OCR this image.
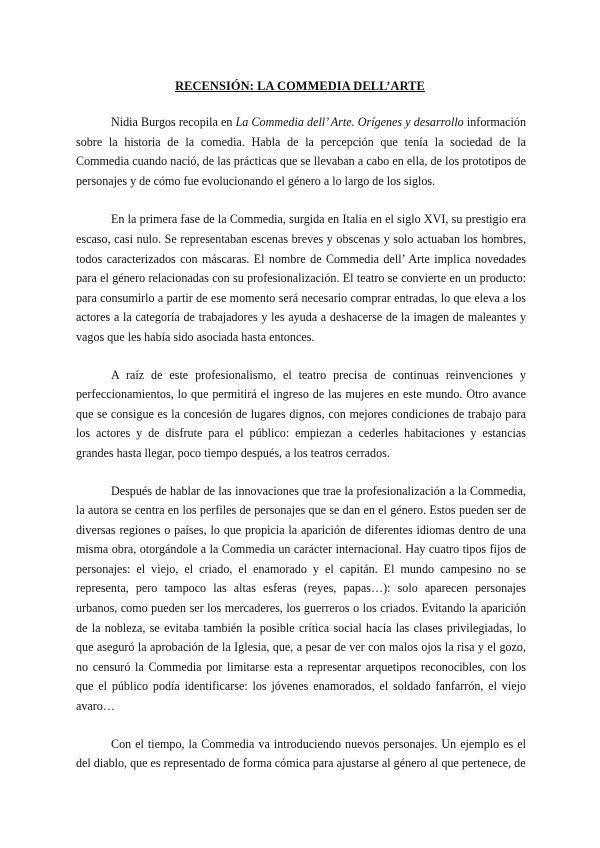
RECENSIÓN: LA COMMEDIA DELL’ARTE

Nidia Burgos recopila en La Commedia dell’ Arte. Orígenes y desarrollo información sobre la historia de la comedia. Habla de la percepción que tenía la sociedad de la Commedia cuando nació, de las prácticas que se llevaban a cabo en ella, de los prototipos de personajes y de cómo fue evolucionando el género a lo largo de los siglos.

En la primera fase de la Commedia, surgida en Italia en el siglo XVI, su prestigio era escaso, casi nulo. Se representaban escenas breves y obscenas y solo actuaban los hombres, todos caracterizados con máscaras. El nombre de Commedia dell’ Arte implica novedades para el género relacionadas con su profesionalización. El teatro se convierte en un producto: para consumirlo a partir de ese momento será necesario comprar entradas, lo que eleva a los actores a la categoría de trabajadores y les ayuda a deshacerse de la imagen de maleantes y vagos que les había sido asociada hasta entonces.

A raíz de este profesionalismo, el teatro precisa de continuas reinvenciones y perfeccionamientos, lo que permitirá el ingreso de las mujeres en este mundo. Otro avance que se consigue es la concesión de lugares dignos, con mejores condiciones de trabajo para los actores y de disfrute para el público: empiezan a cederles habitaciones y estancias grandes hasta llegar, poco tiempo después, a los teatros cerrados.

Después de hablar de las innovaciones que trae la profesionalización a la Commedia, la autora se centra en los perfiles de personajes que se dan en el género. Estos pueden ser de diversas regiones o países, lo que propicia la aparición de diferentes idiomas dentro de una misma obra, otorgándole a la Commedia un carácter internacional. Hay cuatro tipos fijos de personajes: el viejo, el criado, el enamorado y el capitán. El mundo campesino no se representa, pero tampoco las altas esferas (reyes, papas…): solo aparecen personajes urbanos, como pueden ser los mercaderes, los guerreros o los criados. Evitando la aparición de la nobleza, se evitaba también la posible crítica social hacia las clases privilegiadas, lo que aseguró la aprobación de la Iglesia, que, a pesar de ver con malos ojos la risa y el gozo, no censuró la Commedia por limitarse esta a representar arquetipos reconocibles, con los que el público podía identificarse: los jóvenes enamorados, el soldado fanfarrón, el viejo avaro…

Con el tiempo, la Commedia va introduciendo nuevos personajes. Un ejemplo es el del diablo, que es representado de forma cómica para ajustarse al género al que pertenece, de
